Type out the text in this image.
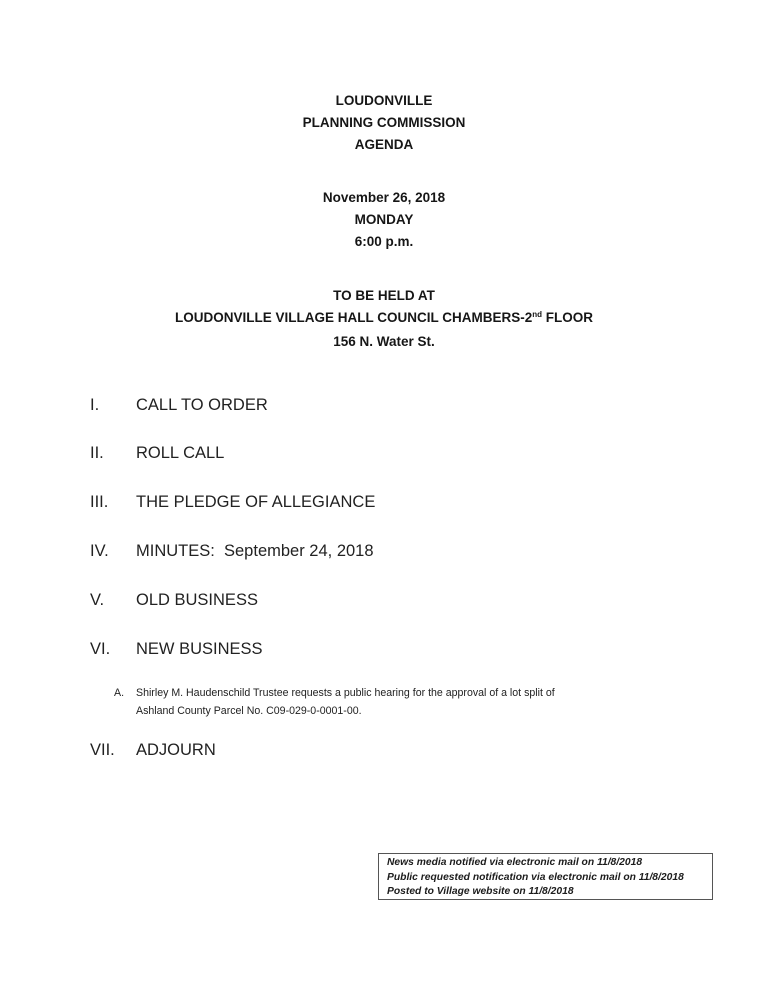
LOUDONVILLE
PLANNING COMMISSION
AGENDA
November 26, 2018
MONDAY
6:00 p.m.
TO BE HELD AT
LOUDONVILLE VILLAGE HALL COUNCIL CHAMBERS-2nd FLOOR
156 N. Water St.
I. CALL TO ORDER
II. ROLL CALL
III. THE PLEDGE OF ALLEGIANCE
IV. MINUTES:  September 24, 2018
V. OLD BUSINESS
VI. NEW BUSINESS
A. Shirley M. Haudenschild Trustee requests a public hearing for the approval of a lot split of
Ashland County Parcel No. C09-029-0-0001-00.
VII. ADJOURN
News media notified via electronic mail on 11/8/2018
Public requested notification via electronic mail on 11/8/2018
Posted to Village website on 11/8/2018
